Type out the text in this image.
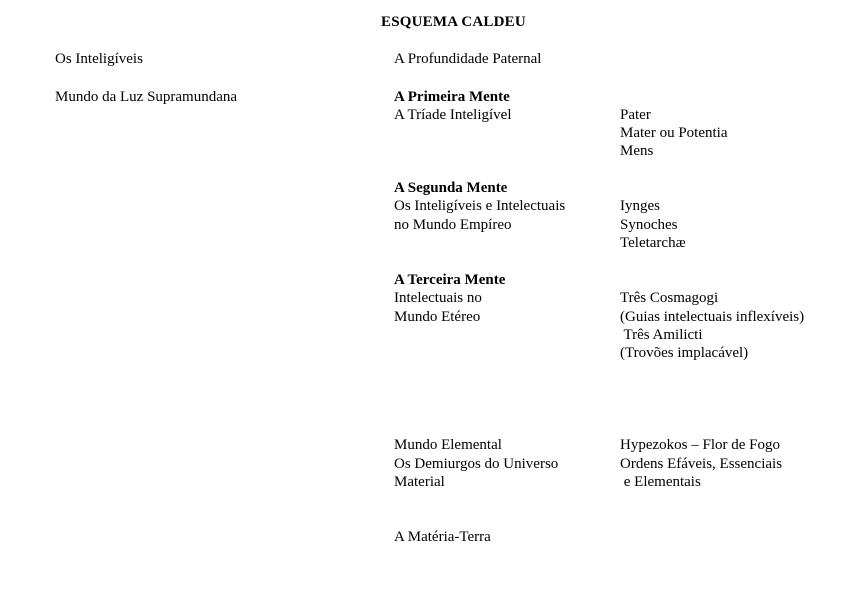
ESQUEMA CALDEU
Os Inteligíveis
Mundo da Luz Supramundana
A Profundidade Paternal
A Primeira Mente
A Tríade Inteligível
A Segunda Mente
Os Inteligíveis e Intelectuais
no Mundo Empíreo
A Terceira Mente
Intelectuais no
Mundo Etéreo
Mundo Elemental
Os Demiurgos do Universo
Material
A Matéria-Terra
Pater
Mater ou Potentia
Mens
Iynges
Synoches
Teletarchæ
Três Cosmagogi
(Guias intelectuais inflexíveis)
Três Amilicti
(Trovões implacável)
Hypezokos – Flor de Fogo
Ordens Efáveis, Essenciais
e Elementais
